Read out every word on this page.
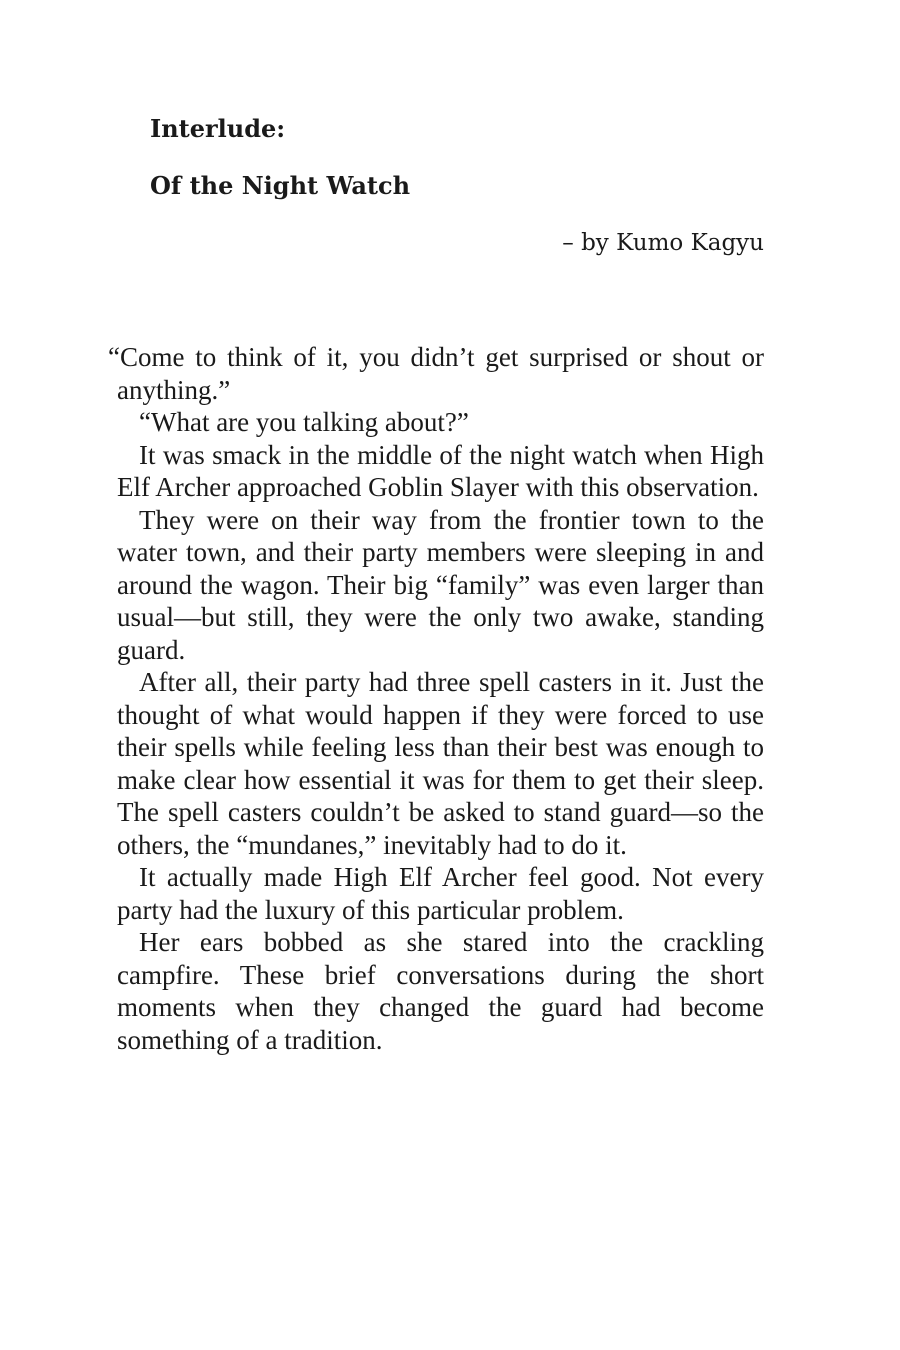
Interlude:
Of the Night Watch

– by Kumo Kagyu

“Come to think of it, you didn’t get surprised or shout or anything.”

“What are you talking about?”

It was smack in the middle of the night watch when High Elf Archer approached Goblin Slayer with this observation.

They were on their way from the frontier town to the water town, and their party members were sleeping in and around the wagon. Their big “family” was even larger than usual—but still, they were the only two awake, standing guard.

After all, their party had three spell casters in it. Just the thought of what would happen if they were forced to use their spells while feeling less than their best was enough to make clear how essential it was for them to get their sleep. The spell casters couldn’t be asked to stand guard—so the others, the “mundanes,” inevitably had to do it.

It actually made High Elf Archer feel good. Not every party had the luxury of this particular problem.

Her ears bobbed as she stared into the crackling campfire. These brief conversations during the short moments when they changed the guard had become something of a tradition.
